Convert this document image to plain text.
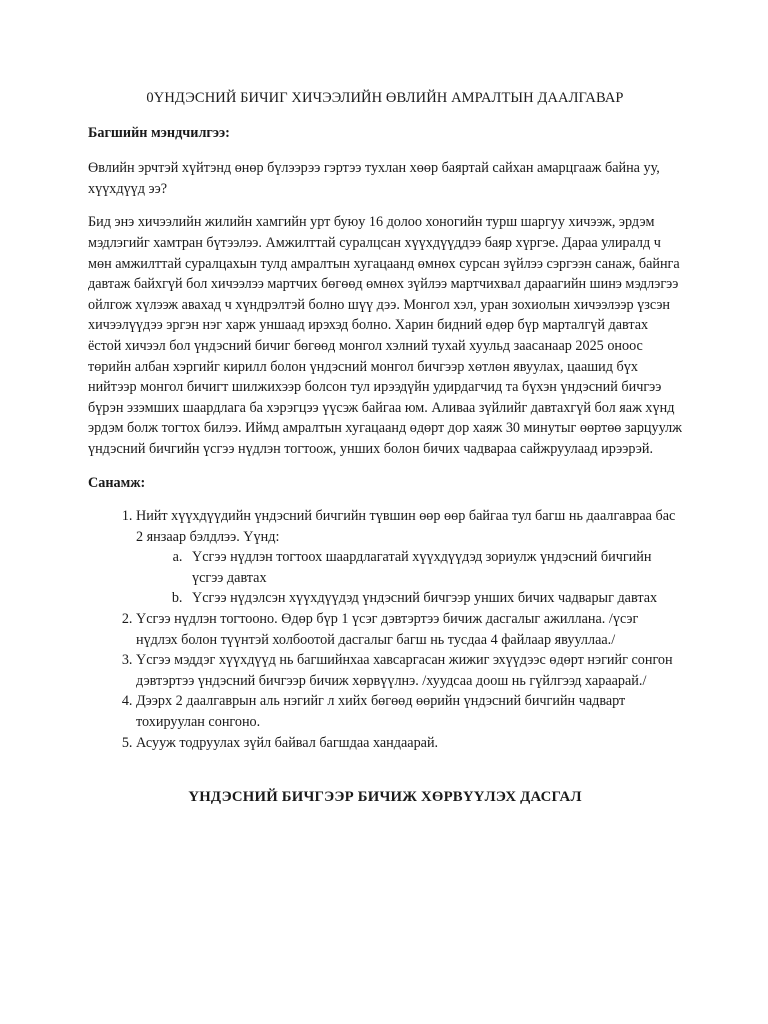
0ҮНДЭСНИЙ БИЧИГ ХИЧЭЭЛИЙН ӨВЛИЙН АМРАЛТЫН ДААЛГАВАР
Багшийн мэндчилгээ:

Өвлийн эрчтэй хүйтэнд өнөр бүлээрээ гэртээ тухлан хөөр баяртай сайхан амарцгааж байна уу, хүүхдүүд ээ?

Бид энэ хичээлийн жилийн хамгийн урт буюу 16 долоо хоногийн турш шаргуу хичээж, эрдэм мэдлэгийг хамтран бүтээлээ. Амжилттай суралцсан хүүхдүүддээ баяр хүргэе. Дараа улиралд ч мөн амжилттай суралцахын тулд амралтын хугацаанд өмнөх сурсан зүйлээ сэргээн санаж, байнга давтаж байхгүй бол хичээлээ мартчих бөгөөд өмнөх зүйлээ мартчихвал дараагийн шинэ мэдлэгээ ойлгож хүлээж авахад ч хүндрэлтэй болно шүү дээ. Монгол хэл, уран зохиолын хичээлээр үзсэн хичээлүүдээ эргэн нэг харж уншаад ирэхэд болно. Харин бидний өдөр бүр марталгүй давтах ёстой хичээл бол үндэсний бичиг бөгөөд монгол хэлний тухай хуульд заасанаар 2025 оноос төрийн албан хэргийг кирилл болон үндэсний монгол бичгээр хөтлөн явуулах, цаашид бүх нийтээр монгол бичигт шилжихээр болсон тул ирээдүйн удирдагчид та бүхэн үндэсний бичгээ бүрэн эзэмших шаардлага ба хэрэгцээ үүсэж байгаа юм. Аливаа зүйлийг давтахгүй бол яаж хүнд эрдэм болж тогтох билээ. Иймд амралтын хугацаанд өдөрт дор хаяж 30 минутыг өөртөө зарцуулж үндэсний бичгийн үсгээ нүдлэн тогтоож, унших болон бичих чадвараа сайжруулаад ирээрэй.

Санамж:
1. Нийт хүүхдүүдийн үндэсний бичгийн түвшин өөр өөр байгаа тул багш нь даалгавраа бас 2 янзаар бэлдлээ. Үүнд:
a. Үсгээ нүдлэн тогтоох шаардлагатай хүүхдүүдэд зориулж үндэсний бичгийн үсгээ давтах
b. Үсгээ нүдэлсэн хүүхдүүдэд үндэсний бичгээр унших бичих чадварыг давтах
2. Үсгээ нүдлэн тогтооно. Өдөр бүр 1 үсэг дэвтэртээ бичиж дасгалыг ажиллана. /үсэг нүдлэх болон түүнтэй холбоотой дасгалыг багш нь тусдаа 4 файлаар явууллаа./
3. Үсгээ мэддэг хүүхдүүд нь багшийнхаа хавсаргасан жижиг эхүүдээс өдөрт нэгийг сонгон дэвтэртээ үндэсний бичгээр бичиж хөрвүүлнэ. /хуудсаа доош нь гүйлгээд хараарай./
4. Дээрх 2 даалгаврын аль нэгийг л хийх бөгөөд өөрийн үндэсний бичгийн чадварт тохируулан сонгоно.
5. Асууж тодруулах зүйл байвал багшдаа хандаарай.
ҮНДЭСНИЙ БИЧГЭЭР БИЧИЖ ХӨРВҮҮЛЭХ ДАСГАЛ
